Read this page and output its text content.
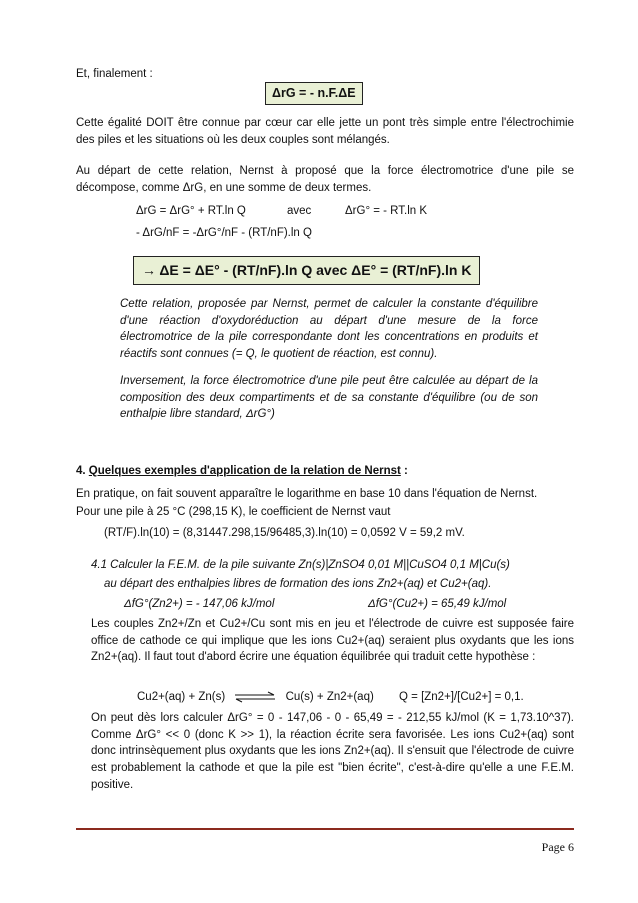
Et, finalement :
ΔrG = - n.F.ΔE
Cette égalité DOIT être connue par cœur car elle jette un pont très simple entre l'électrochimie des piles et les situations où les deux couples sont mélangés.
Au départ de cette relation, Nernst à proposé que la force électromotrice d'une pile se décompose, comme ΔrG, en une somme de deux termes.
ΔrG = ΔrG° + RT.ln Q	avec	ΔrG° = - RT.ln K
- ΔrG/nF = -ΔrG°/nF - (RT/nF).ln Q
→ ΔE = ΔE° - (RT/nF).ln Q avec ΔE° = (RT/nF).ln K
Cette relation, proposée par Nernst, permet de calculer la constante d'équilibre d'une réaction d'oxydoréduction au départ d'une mesure de la force électromotrice de la pile correspondante dont les concentrations en produits et réactifs sont connues (= Q, le quotient de réaction, est connu).
Inversement, la force électromotrice d'une pile peut être calculée au départ de la composition des deux compartiments et de sa constante d'équilibre (ou de son enthalpie libre standard, ΔrG°)
4. Quelques exemples d'application de la relation de Nernst :
En pratique, on fait souvent apparaître le logarithme en base 10 dans l'équation de Nernst.
Pour une pile à 25 °C (298,15 K), le coefficient de Nernst vaut
(RT/F).ln(10) = (8,31447.298,15/96485,3).ln(10) = 0,0592 V = 59,2 mV.
4.1 Calculer la F.E.M. de la pile suivante Zn(s)|ZnSO4 0,01 M||CuSO4 0,1 M|Cu(s)
au départ des enthalpies libres de formation des ions Zn2+(aq) et Cu2+(aq).
ΔfG°(Zn2+) = - 147,06 kJ/mol	ΔfG°(Cu2+) = 65,49 kJ/mol
Les couples Zn2+/Zn et Cu2+/Cu sont mis en jeu et l'électrode de cuivre est supposée faire office de cathode ce qui implique que les ions Cu2+(aq) seraient plus oxydants que les ions Zn2+(aq). Il faut tout d'abord écrire une équation équilibrée qui traduit cette hypothèse :
Cu2+(aq) + Zn(s) ⇌ Cu(s) + Zn2+(aq) Q = [Zn2+]/[Cu2+] = 0,1.
On peut dès lors calculer ΔrG° = 0 - 147,06 - 0 - 65,49 = - 212,55 kJ/mol (K = 1,73.10^37). Comme ΔrG° << 0 (donc K >> 1), la réaction écrite sera favorisée. Les ions Cu2+(aq) sont donc intrinsèquement plus oxydants que les ions Zn2+(aq). Il s'ensuit que l'électrode de cuivre est probablement la cathode et que la pile est "bien écrite", c'est-à-dire qu'elle a une F.E.M. positive.
Page 6
